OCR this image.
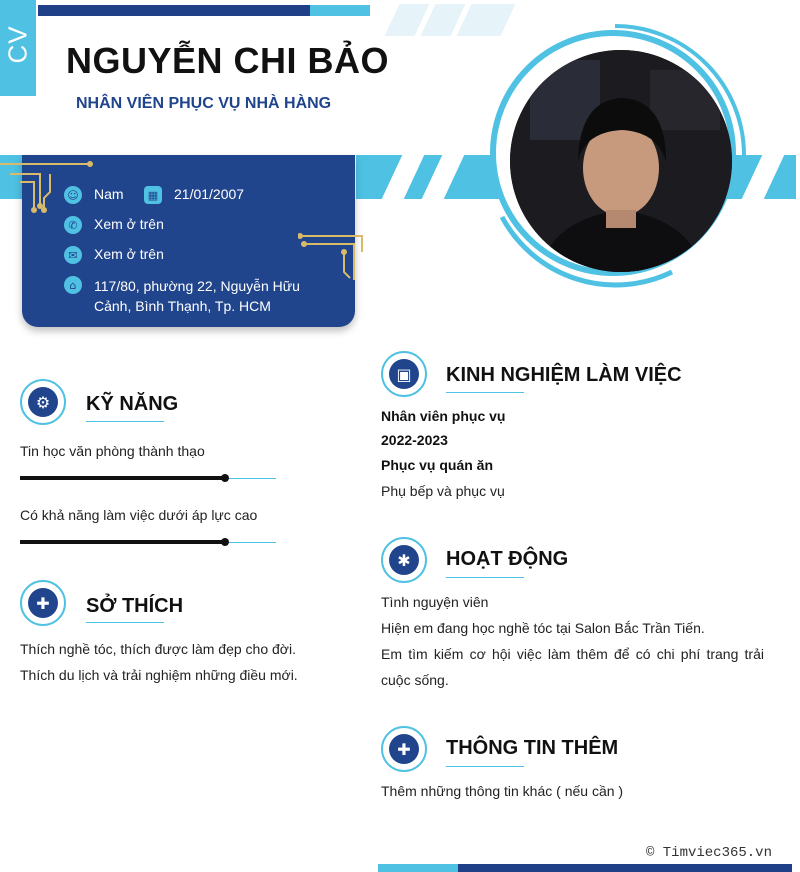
CV NGUYỄN CHI BẢO
NHÂN VIÊN PHỤC VỤ NHÀ HÀNG
☺ Nam	▦ 21/01/2007
✆	Xem ở trên
✉	Xem ở trên
⌂	117/80, phường 22, Nguyễn Hữu
Cảnh, Bình Thạnh, Tp. HCM
⚙	KỸ NĂNG
Tin học văn phòng thành thạo
Có khả năng làm việc dưới áp lực cao
✚	SỞ THÍCH
Thích nghề tóc, thích được làm đẹp cho đời.
Thích du lịch và trải nghiệm những điều mới.
▣	KINH NGHIỆM LÀM VIỆC
Nhân viên phục vụ
2022-2023
Phục vụ quán ăn
Phụ bếp và phục vụ
✱	HOẠT ĐỘNG
Tình nguyện viên
Hiện em đang học nghề tóc tại Salon Bắc Trần Tiến.
Em tìm kiếm cơ hội việc làm thêm để có chi phí trang trải
cuộc sống.
✚	THÔNG TIN THÊM
Thêm những thông tin khác ( nếu cần )
© Timviec365.vn
